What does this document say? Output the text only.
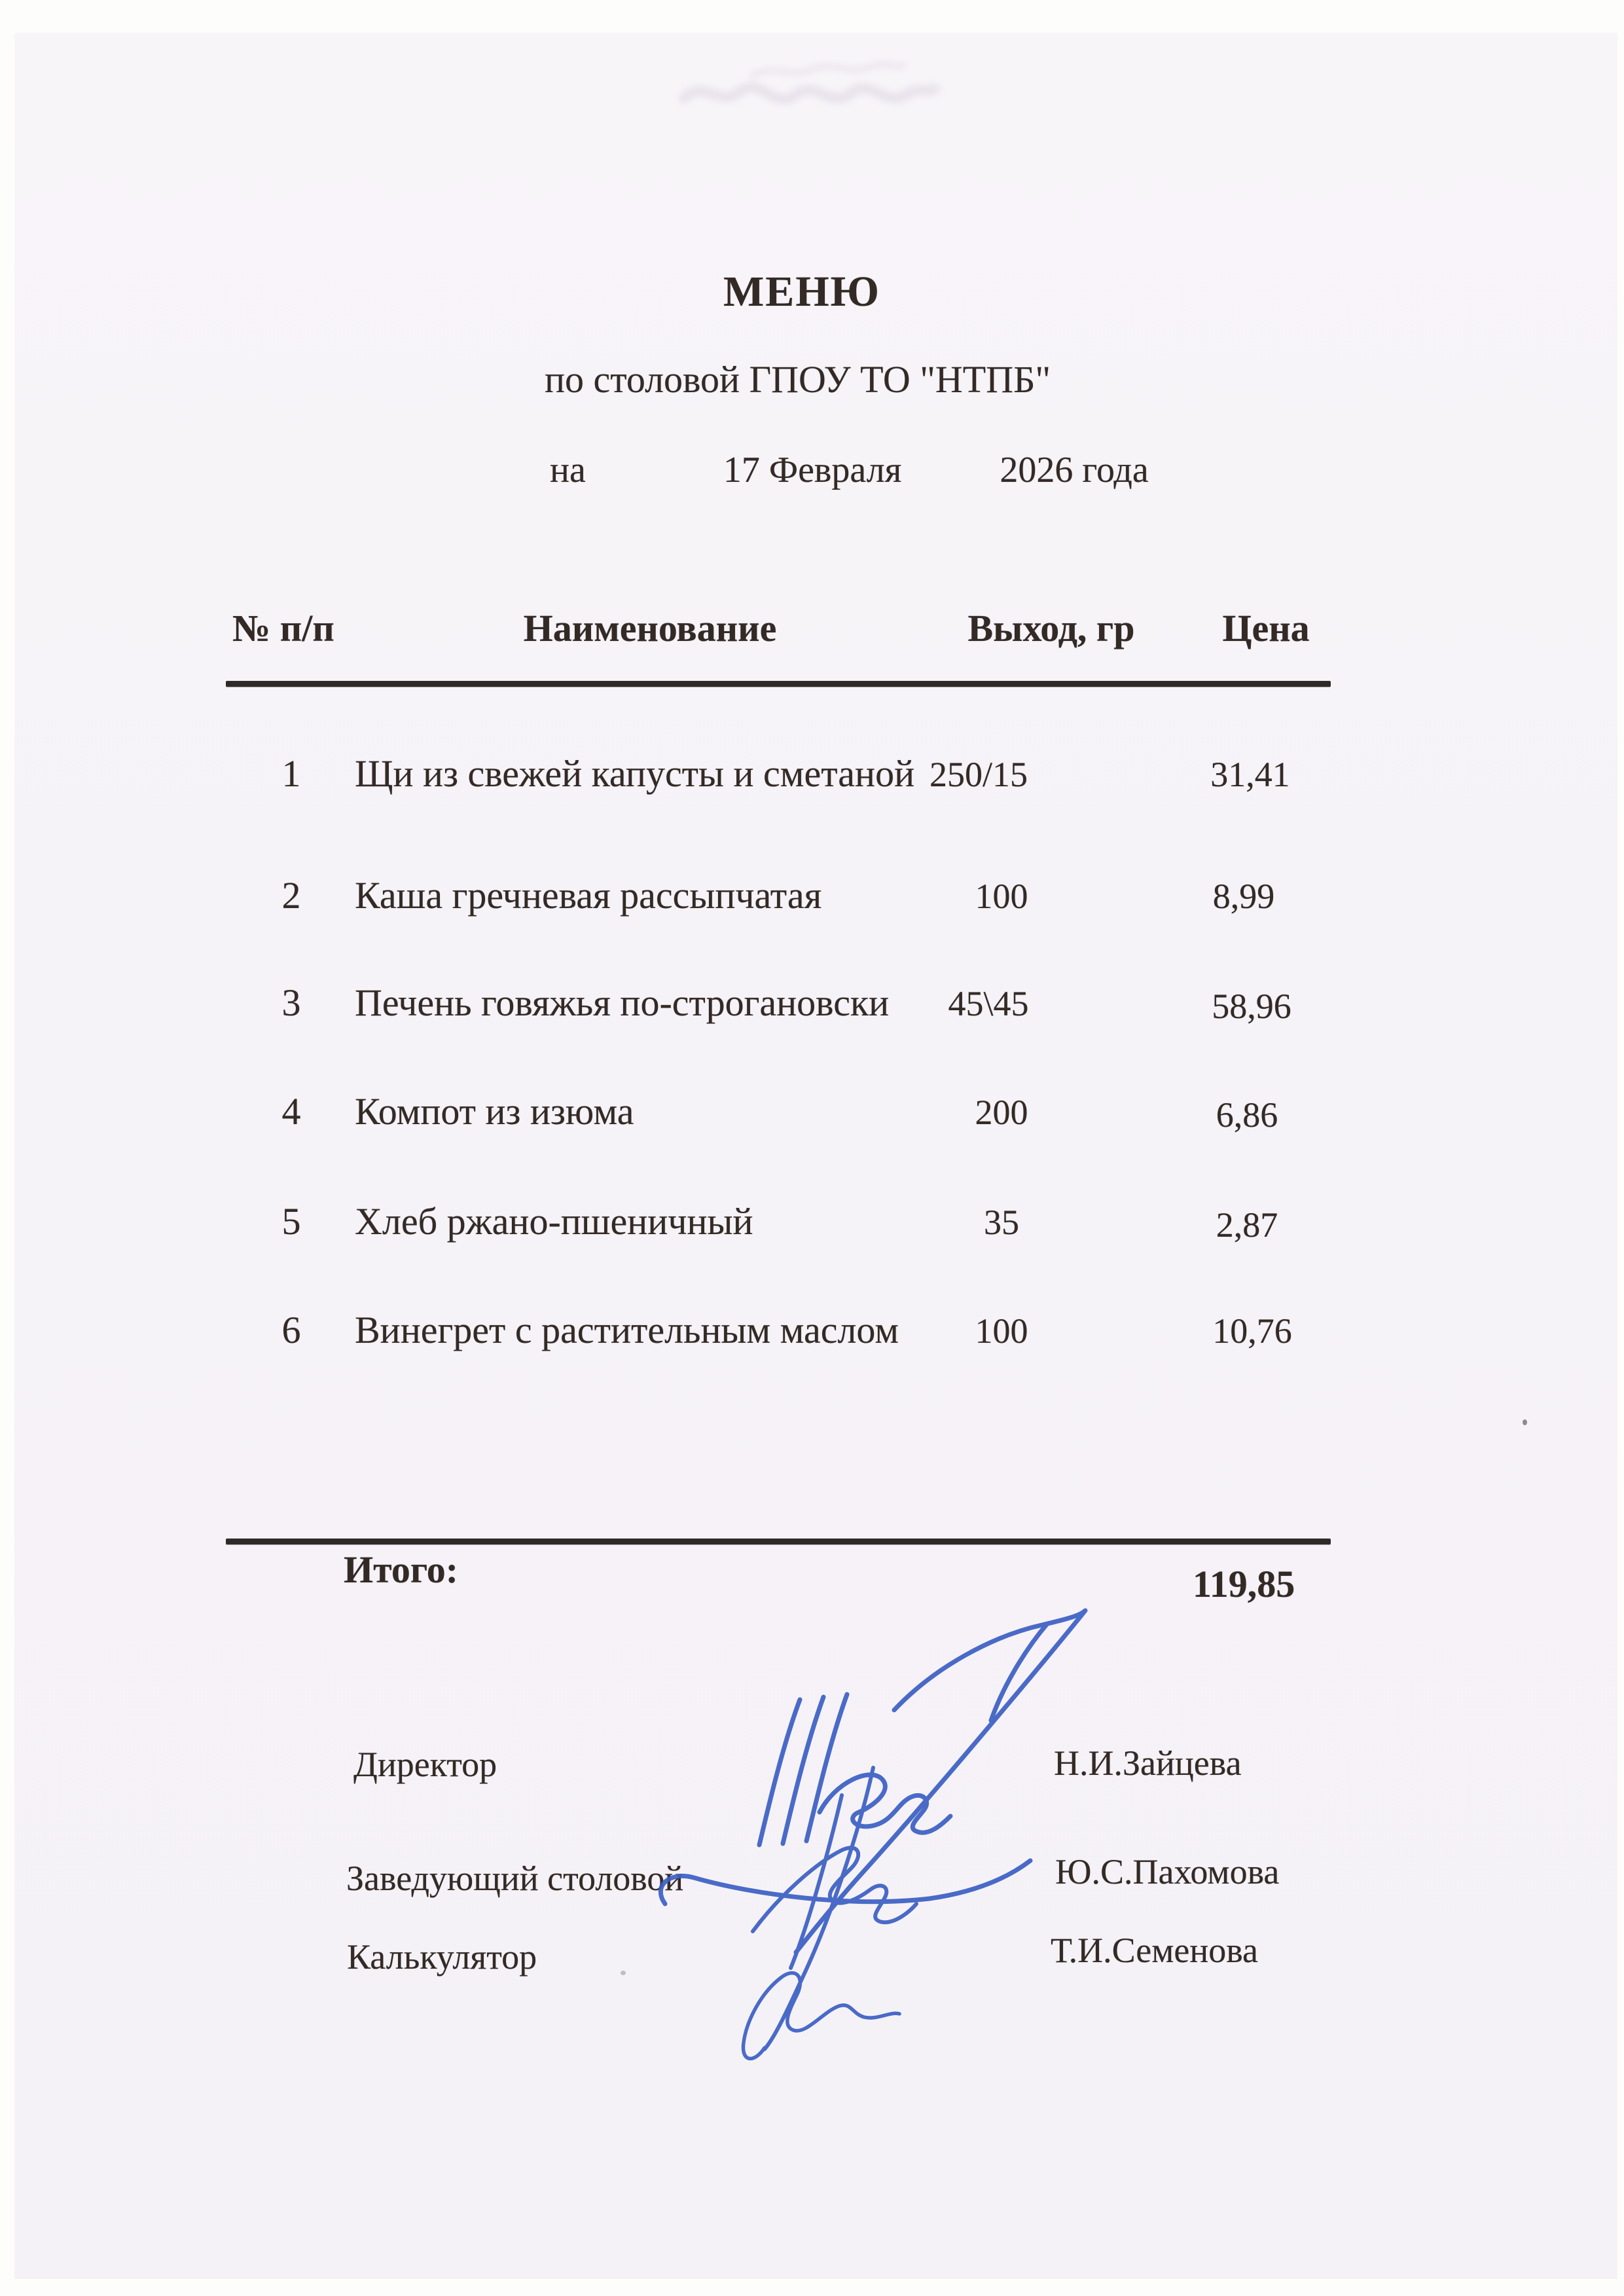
МЕНЮ
по столовой ГПОУ ТО "НТПБ"
на	17 Февраля	2026 года
№ п/п	Наименование	Выход, гр Цена
1 Щи из свежей капусты и сметаной 250/15	31,41
2 Каша гречневая рассыпчатая	100	8,99
3 Печень говяжья по-строгановски 45\45	58,96
4 Компот из изюма	200	6,86
5 Хлеб ржано-пшеничный	35	2,87
6 Винегрет с растительным маслом 100	10,76
Итого:	119,85
Директор	Н.И.Зайцева
Заведующий столовой	Ю.С.Пахомова
Калькулятор	Т.И.Семенова
